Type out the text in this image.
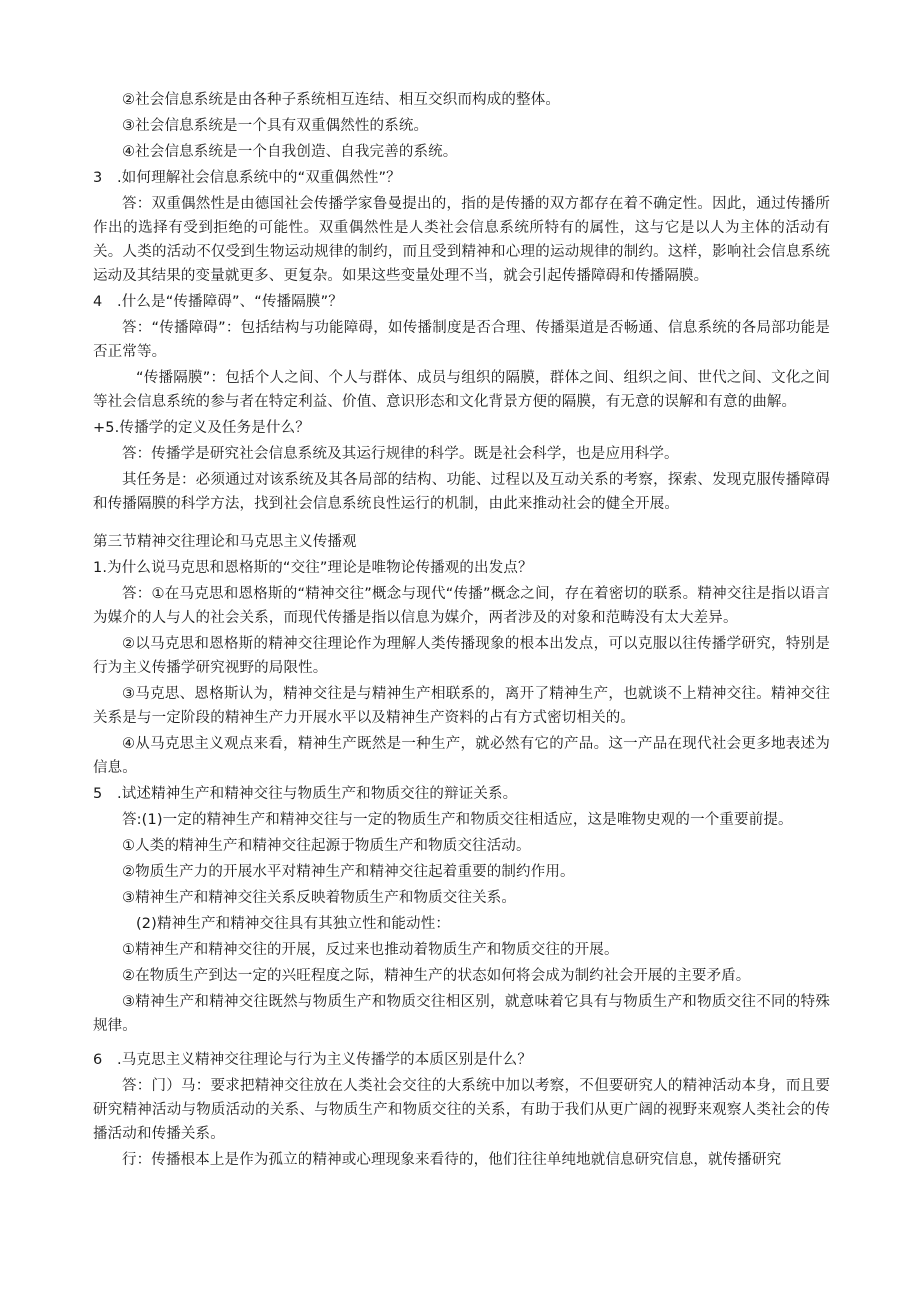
②社会信息系统是由各种子系统相互连结、相互交织而构成的整体。

③社会信息系统是一个具有双重偶然性的系统。

④社会信息系统是一个自我创造、自我完善的系统。

3　.如何理解社会信息系统中的“双重偶然性”？

答：双重偶然性是由德国社会传播学家鲁曼提出的，指的是传播的双方都存在着不确定性。因此，通过传播所作出的选择有受到拒绝的可能性。双重偶然性是人类社会信息系统所特有的属性，这与它是以人为主体的活动有关。人类的活动不仅受到生物运动规律的制约，而且受到精神和心理的运动规律的制约。这样，影响社会信息系统运动及其结果的变量就更多、更复杂。如果这些变量处理不当，就会引起传播障碍和传播隔膜。

4　.什么是“传播障碍”、“传播隔膜”？

答：“传播障碍”：包括结构与功能障碍，如传播制度是否合理、传播渠道是否畅通、信息系统的各局部功能是否正常等。

“传播隔膜”：包括个人之间、个人与群体、成员与组织的隔膜，群体之间、组织之间、世代之间、文化之间等社会信息系统的参与者在特定利益、价值、意识形态和文化背景方便的隔膜，有无意的误解和有意的曲解。

+5.传播学的定义及任务是什么？

答：传播学是研究社会信息系统及其运行规律的科学。既是社会科学，也是应用科学。

其任务是：必须通过对该系统及其各局部的结构、功能、过程以及互动关系的考察，探索、发现克服传播障碍和传播隔膜的科学方法，找到社会信息系统良性运行的机制，由此来推动社会的健全开展。

第三节精神交往理论和马克思主义传播观

1.为什么说马克思和恩格斯的“交往”理论是唯物论传播观的出发点？

答：①在马克思和恩格斯的“精神交往”概念与现代“传播”概念之间，存在着密切的联系。精神交往是指以语言为媒介的人与人的社会关系，而现代传播是指以信息为媒介，两者涉及的对象和范畴没有太大差异。

②以马克思和恩格斯的精神交往理论作为理解人类传播现象的根本出发点，可以克服以往传播学研究，特别是行为主义传播学研究视野的局限性。

③马克思、恩格斯认为，精神交往是与精神生产相联系的，离开了精神生产，也就谈不上精神交往。精神交往关系是与一定阶段的精神生产力开展水平以及精神生产资料的占有方式密切相关的。

④从马克思主义观点来看，精神生产既然是一种生产，就必然有它的产品。这一产品在现代社会更多地表述为信息。

5　.试述精神生产和精神交往与物质生产和物质交往的辩证关系。

答:(1)一定的精神生产和精神交往与一定的物质生产和物质交往相适应，这是唯物史观的一个重要前提。

①人类的精神生产和精神交往起源于物质生产和物质交往活动。

②物质生产力的开展水平对精神生产和精神交往起着重要的制约作用。

③精神生产和精神交往关系反映着物质生产和物质交往关系。

(2)精神生产和精神交往具有其独立性和能动性：

①精神生产和精神交往的开展，反过来也推动着物质生产和物质交往的开展。

②在物质生产到达一定的兴旺程度之际，精神生产的状态如何将会成为制约社会开展的主要矛盾。

③精神生产和精神交往既然与物质生产和物质交往相区别，就意味着它具有与物质生产和物质交往不同的特殊规律。

6　.马克思主义精神交往理论与行为主义传播学的本质区别是什么？

答：门）马：要求把精神交往放在人类社会交往的大系统中加以考察，不但要研究人的精神活动本身，而且要研究精神活动与物质活动的关系、与物质生产和物质交往的关系，有助于我们从更广阔的视野来观察人类社会的传播活动和传播关系。

行：传播根本上是作为孤立的精神或心理现象来看待的，他们往往单纯地就信息研究信息，就传播研究
